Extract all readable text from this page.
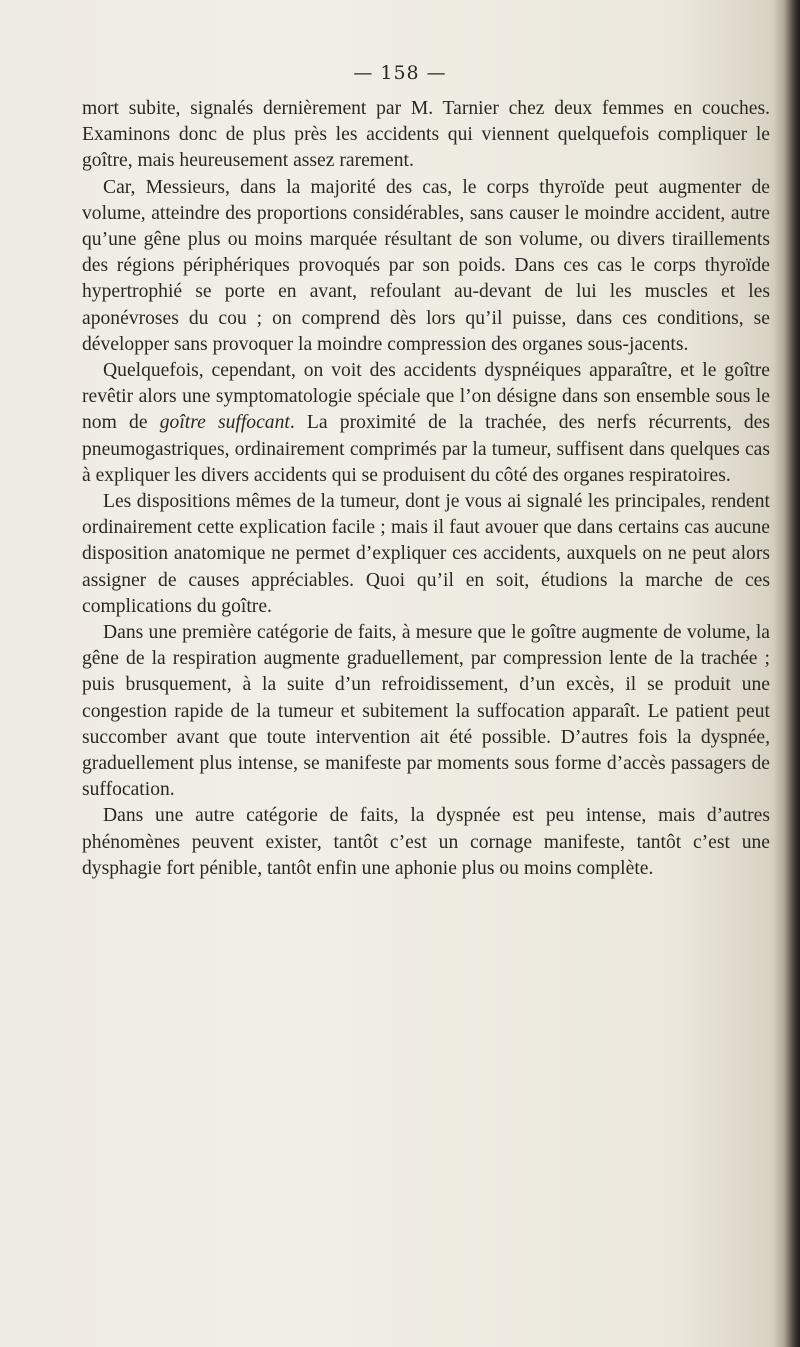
— 158 —

mort subite, signalés dernièrement par M. Tarnier chez deux femmes en couches. Examinons donc de plus près les accidents qui viennent quelquefois compliquer le goître, mais heureusement assez rarement.

Car, Messieurs, dans la majorité des cas, le corps thyroïde peut augmenter de volume, atteindre des proportions considérables, sans causer le moindre accident, autre qu’une gêne plus ou moins marquée résultant de son volume, ou divers tiraillements des régions périphériques provoqués par son poids. Dans ces cas le corps thyroïde hypertrophié se porte en avant, refoulant au-devant de lui les muscles et les aponévroses du cou ; on comprend dès lors qu’il puisse, dans ces conditions, se développer sans provoquer la moindre compression des organes sous-jacents.

Quelquefois, cependant, on voit des accidents dyspnéiques apparaître, et le goître revêtir alors une symptomatologie spéciale que l’on désigne dans son ensemble sous le nom de goître suffocant. La proximité de la trachée, des nerfs récurrents, des pneumogastriques, ordinairement comprimés par la tumeur, suffisent dans quelques cas à expliquer les divers accidents qui se produisent du côté des organes respiratoires.

Les dispositions mêmes de la tumeur, dont je vous ai signalé les principales, rendent ordinairement cette explication facile ; mais il faut avouer que dans certains cas aucune disposition anatomique ne permet d’expliquer ces accidents, auxquels on ne peut alors assigner de causes appréciables. Quoi qu’il en soit, étudions la marche de ces complications du goître.

Dans une première catégorie de faits, à mesure que le goître augmente de volume, la gêne de la respiration augmente graduellement, par compression lente de la trachée ; puis brusquement, à la suite d’un refroidissement, d’un excès, il se produit une congestion rapide de la tumeur et subitement la suffocation apparaît. Le patient peut succomber avant que toute intervention ait été possible. D’autres fois la dyspnée, graduellement plus intense, se manifeste par moments sous forme d’accès passagers de suffocation.

Dans une autre catégorie de faits, la dyspnée est peu intense, mais d’autres phénomènes peuvent exister, tantôt c’est un cornage manifeste, tantôt c’est une dysphagie fort pénible, tantôt enfin une aphonie plus ou moins complète.
